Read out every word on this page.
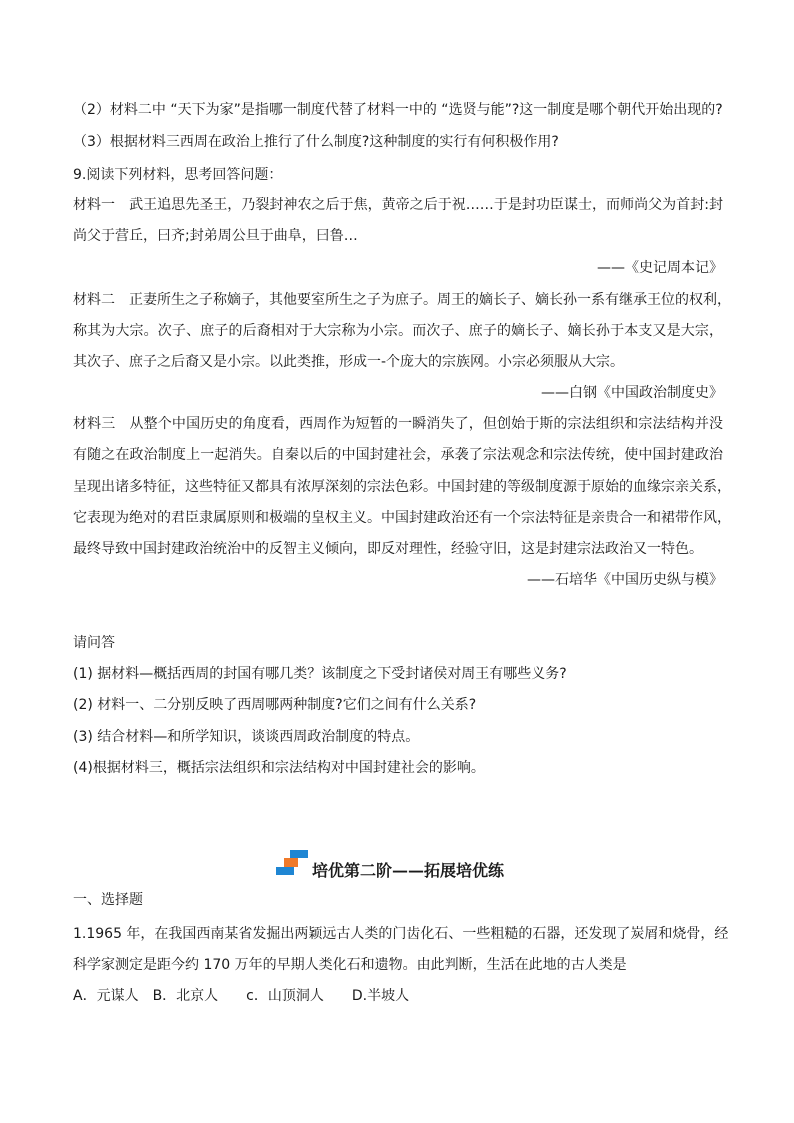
（2）材料二中 “天下为家”是指哪一制度代替了材料一中的 “选贤与能”?这一制度是哪个朝代开始出现的?
（3）根据材料三西周在政治上推行了什么制度?这种制度的实行有何积极作用?
9.阅读下列材料，思考回答问题：
材料一　武王追思先圣王，乃裂封神农之后于焦，黄帝之后于祝……于是封功臣谋士，而师尚父为首封:封
尚父于营丘，曰齐;封弟周公旦于曲阜，曰鲁…
——《史记周本记》
材料二　正妻所生之子称嫡子，其他要室所生之子为庶子。周王的嫡长子、嫡长孙一系有继承王位的权利，
称其为大宗。次子、庶子的后裔相对于大宗称为小宗。而次子、庶子的嫡长子、嫡长孙于本支又是大宗，
其次子、庶子之后裔又是小宗。以此类推，形成一-个庞大的宗族网。小宗必须服从大宗。
——白钢《中国政治制度史》
材料三　从整个中国历史的角度看，西周作为短暂的一瞬消失了，但创始于斯的宗法组织和宗法结构并没
有随之在政治制度上一起消失。自秦以后的中国封建社会，承袭了宗法观念和宗法传统，使中国封建政治
呈现出诸多特征，这些特征又都具有浓厚深刻的宗法色彩。中国封建的等级制度源于原始的血缘宗亲关系，
它表现为绝对的君臣隶属原则和极端的皇权主义。中国封建政治还有一个宗法特征是亲贵合一和裙带作风，
最终导致中国封建政治统治中的反智主义倾向，即反对理性，经验守旧，这是封建宗法政治又一特色。
——石培华《中国历史纵与模》
请问答
(1) 据材料—概括西周的封国有哪几类？该制度之下受封诸侯对周王有哪些义务?
(2) 材料一、二分别反映了西周哪两种制度?它们之间有什么关系?
(3) 结合材料—和所学知识，谈谈西周政治制度的特点。
(4)根据材料三，概括宗法组织和宗法结构对中国封建社会的影响。
培优第二阶——拓展培优练
一、选择题
1.1965 年，在我国西南某省发掘出两颖远古人类的门齿化石、一些粗糙的石器，还发现了炭屑和烧骨，经
科学家测定是距今约 170 万年的早期人类化石和遗物。由此判断，生活在此地的古人类是
A．元谋人　B．北京人　　c．山顶洞人　　D.半坡人
